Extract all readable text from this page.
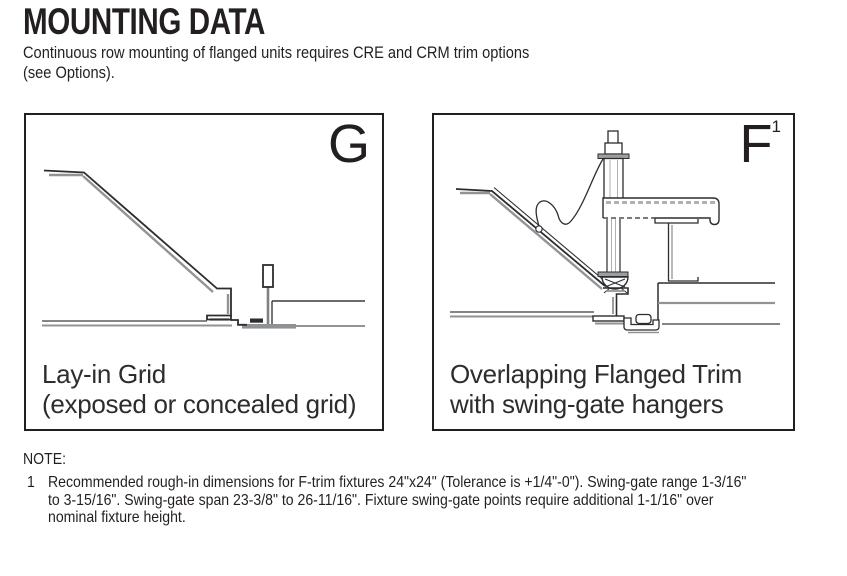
MOUNTING DATA
Continuous row mounting of flanged units requires CRE and CRM trim options
(see Options).
G
Lay-in Grid
(exposed or concealed grid)
$F^1$
Overlapping Flanged Trim
with swing-gate hangers
NOTE:
1 Recommended rough-in dimensions for F-trim fixtures 24"x24" (Tolerance is +1/4"-0"). Swing-gate range 1-3/16"
to 3-15/16". Swing-gate span 23-3/8" to 26-11/16". Fixture swing-gate points require additional 1-1/16" over
nominal fixture height.
